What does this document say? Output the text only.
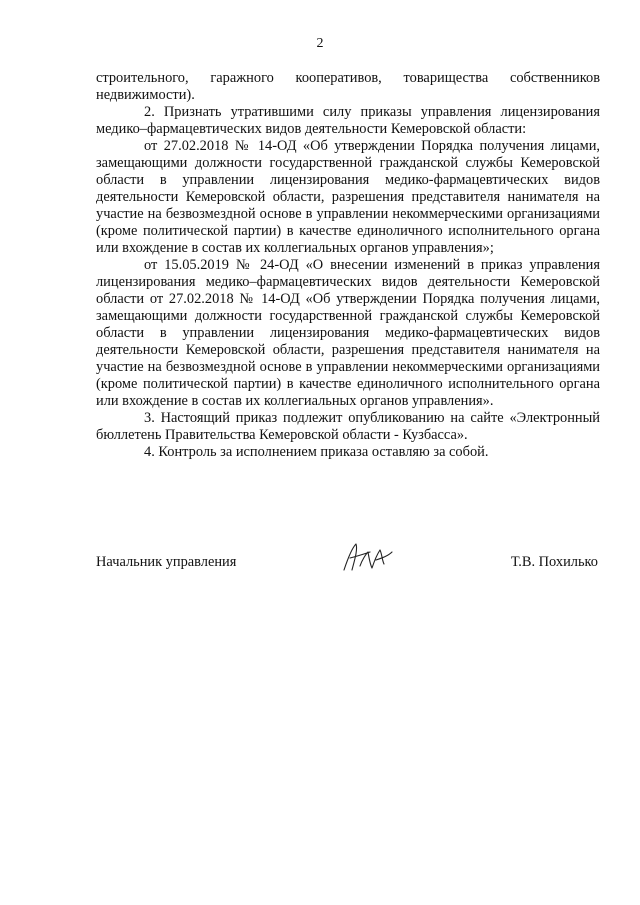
2

строительного, гаражного кооперативов, товарищества собственников недвижимости).

2. Признать утратившими силу приказы управления лицензирования медико–фармацевтических видов деятельности Кемеровской области:

от 27.02.2018 № 14-ОД «Об утверждении Порядка получения лицами, замещающими должности государственной гражданской службы Кемеровской области в управлении лицензирования медико-фармацевтических видов деятельности Кемеровской области, разрешения представителя нанимателя на участие на безвозмездной основе в управлении некоммерческими организациями (кроме политической партии) в качестве единоличного исполнительного органа или вхождение в состав их коллегиальных органов управления»;

от 15.05.2019 № 24-ОД «О внесении изменений в приказ управления лицензирования медико–фармацевтических видов деятельности Кемеровской области от 27.02.2018 № 14-ОД «Об утверждении Порядка получения лицами, замещающими должности государственной гражданской службы Кемеровской области в управлении лицензирования медико-фармацевтических видов деятельности Кемеровской области, разрешения представителя нанимателя на участие на безвозмездной основе в управлении некоммерческими организациями (кроме политической партии) в качестве единоличного исполнительного органа или вхождение в состав их коллегиальных органов управления».

3. Настоящий приказ подлежит опубликованию на сайте «Электронный бюллетень Правительства Кемеровской области - Кузбасса».

4. Контроль за исполнением приказа оставляю за собой.

Начальник управления	Т.В. Похилько
